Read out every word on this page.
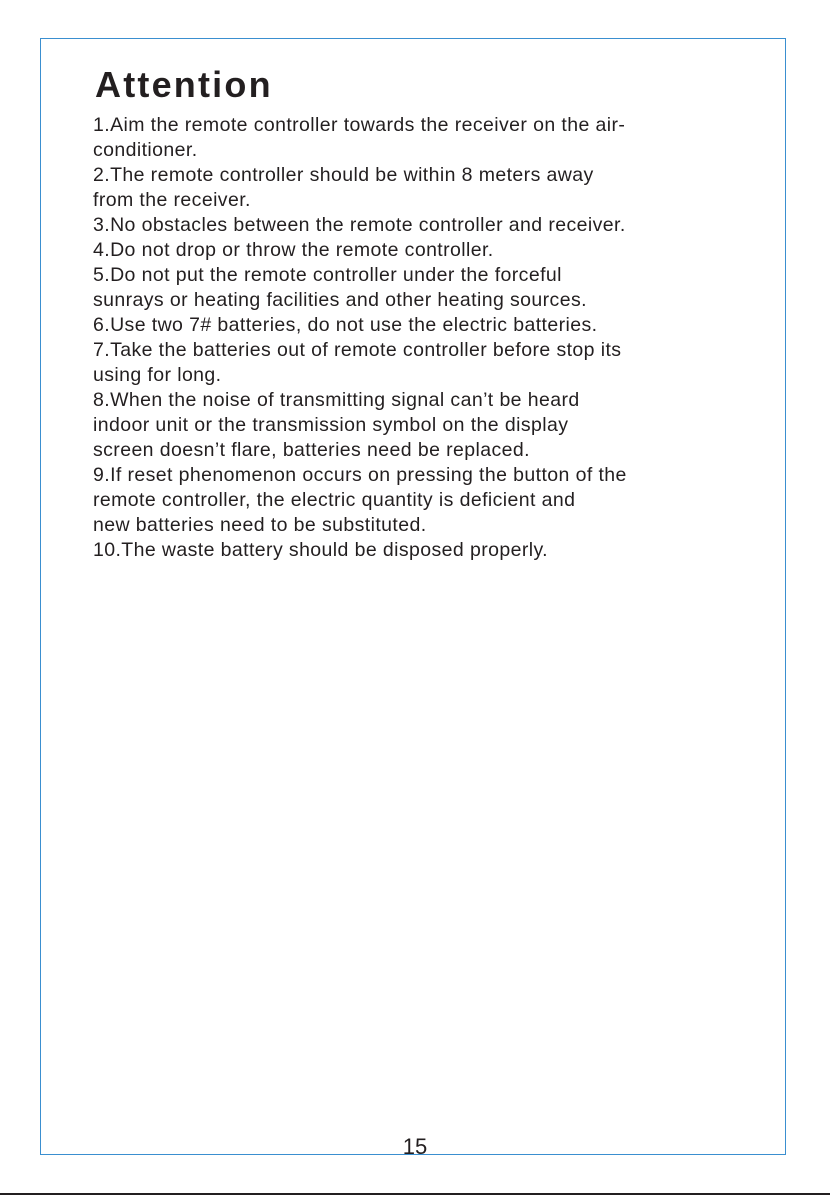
Attention
1.Aim the remote controller towards the receiver on the air-
conditioner.
2.The remote controller should be within 8 meters away
from the receiver.
3.No obstacles between the remote controller and receiver.
4.Do not drop or throw the remote controller.
5.Do not put the remote controller under the forceful
sunrays or heating facilities and other heating sources.
6.Use two 7# batteries, do not use the electric batteries.
7.Take the batteries out of remote controller before stop its
using for long.
8.When the noise of transmitting signal can’t be heard
indoor unit or the transmission symbol on the display
screen doesn’t flare, batteries need be replaced.
9.If reset phenomenon occurs on pressing the button of the
remote controller, the electric quantity is deficient and
new batteries need to be substituted.
10.The waste battery should be disposed properly.
15
